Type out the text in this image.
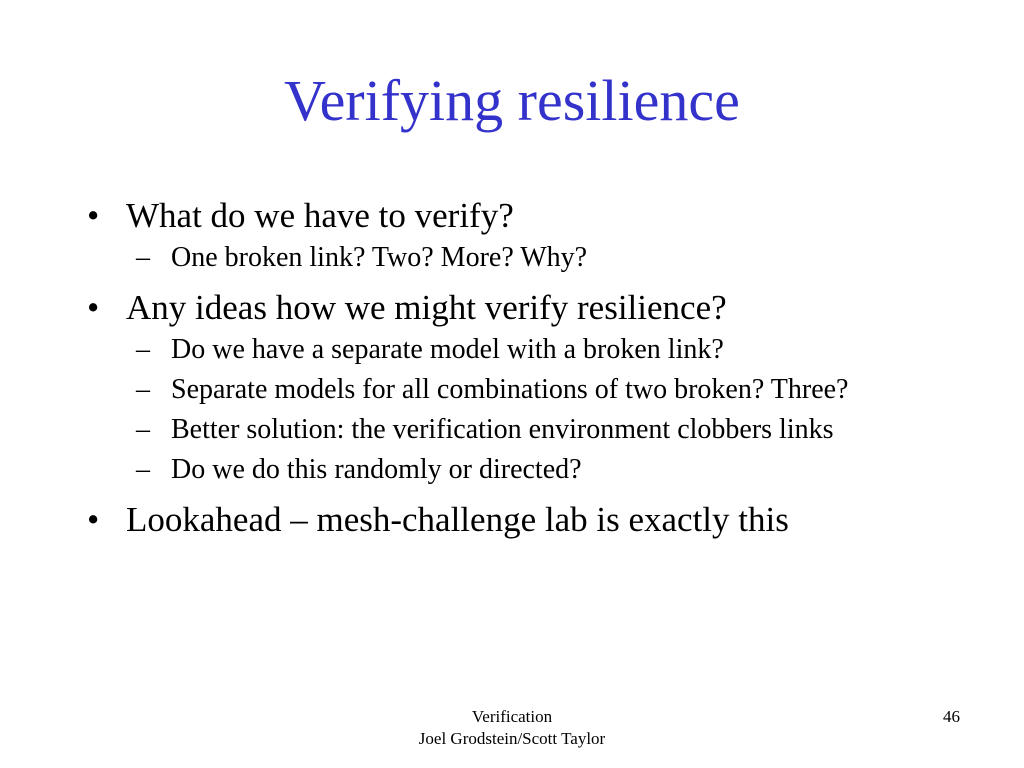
Verifying resilience
• What do we have to verify?
– One broken link? Two? More? Why?
• Any ideas how we might verify resilience?
– Do we have a separate model with a broken link?
– Separate models for all combinations of two broken? Three?
– Better solution: the verification environment clobbers links
– Do we do this randomly or directed?
• Lookahead – mesh-challenge lab is exactly this
Verification
Joel Grodstein/Scott Taylor
46
